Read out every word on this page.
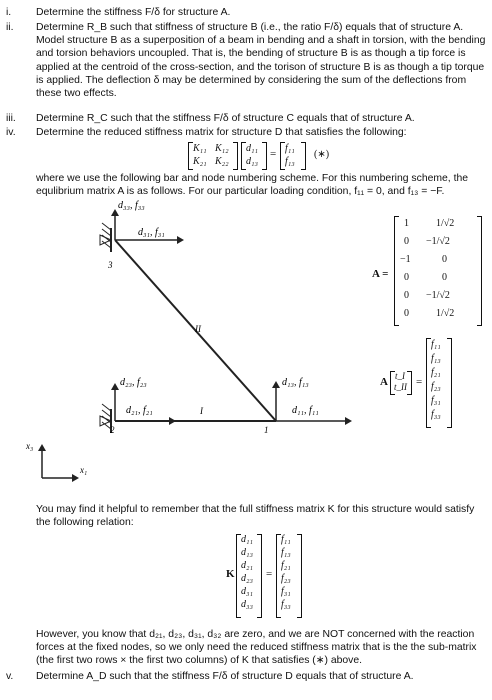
i.	Determine the stiffness F/δ for structure A.
ii.	Determine R_B such that stiffness of structure B (i.e., the ratio F/δ) equals that of structure A. Model structure B as a superposition of a beam in bending and a shaft in torsion, with the bending and torsion behaviors uncoupled. That is, the bending of structure B is as though a tip force is applied at the centroid of the cross-section, and the torison of structure B is as though a tip torque is applied. The deflection δ may be determined by considering the sum of the deflections from these two effects.
iii.	Determine R_C such that the stiffness F/δ of structure C equals that of structure A.
iv.	Determine the reduced stiffness matrix for structure D that satisfies the following:
K₁₁ K₁₂
K₂₁ K₂₂
d₁₁
d₁₃
= f₁₁
f₁₃
(∗)
where we use the following bar and node numbering scheme. For this numbering scheme, the equlibrium matrix A is as follows. For our particular loading condition, f₁₁ = 0, and f₁₃ = −F.
d₃₃, f₃₃
d₃₁, f₃₁
3
II
d₂₃, f₂₃
d₂₁, f₂₁
2
I
d₁₃, f₁₃
d₁₁, f₁₁
1
x₃
x₁
A =
1	1/√2
0 −1/√2
−1	0
0	0
0 −1/√2
0	1/√2
A t_I
t_II =
f₁₁
f₁₃
f₂₁
f₂₃
f₃₁
f₃₃
You may find it helpful to remember that the full stiffness matrix K for this structure would satisfy the following relation:
K
d₁₁
d₁₃
d₂₁
d₂₃
d₃₁
d₃₃
=
f₁₁
f₁₃
f₂₁
f₂₃
f₃₁
f₃₃
However, you know that d₂₁, d₂₃, d₃₁, d₃₂ are zero, and we are NOT concerned with the reaction forces at the fixed nodes, so we only need the reduced stiffness matrix that is the the sub-matrix (the first two rows × the first two columns) of K that satisfies (∗) above.
v.	Determine A_D such that the stiffness F/δ of structure D equals that of structure A.
